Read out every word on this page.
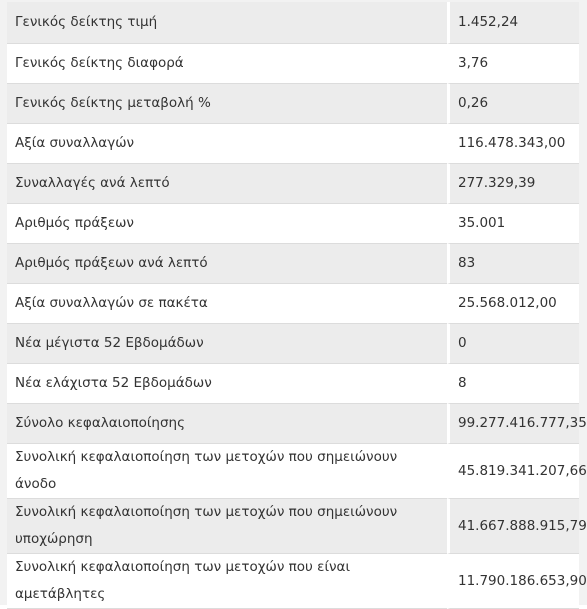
Γενικός δείκτης τιμή	1.452,24
Γενικός δείκτης διαφορά	3,76
Γενικός δείκτης μεταβολή %	0,26
Αξία συναλλαγών	116.478.343,00
Συναλλαγές ανά λεπτό	277.329,39
Αριθμός πράξεων	35.001
Αριθμός πράξεων ανά λεπτό	83
Αξία συναλλαγών σε πακέτα	25.568.012,00
Νέα μέγιστα 52 Εβδομάδων	0
Νέα ελάχιστα 52 Εβδομάδων	8
Σύνολο κεφαλαιοποίησης	99.277.416.777,35
Συνολική κεφαλαιοποίηση των μετοχών που σημειώνουν άνοδο	45.819.341.207,66
Συνολική κεφαλαιοποίηση των μετοχών που σημειώνουν υποχώρηση	41.667.888.915,79
Συνολική κεφαλαιοποίηση των μετοχών που είναι αμετάβλητες	11.790.186.653,90
